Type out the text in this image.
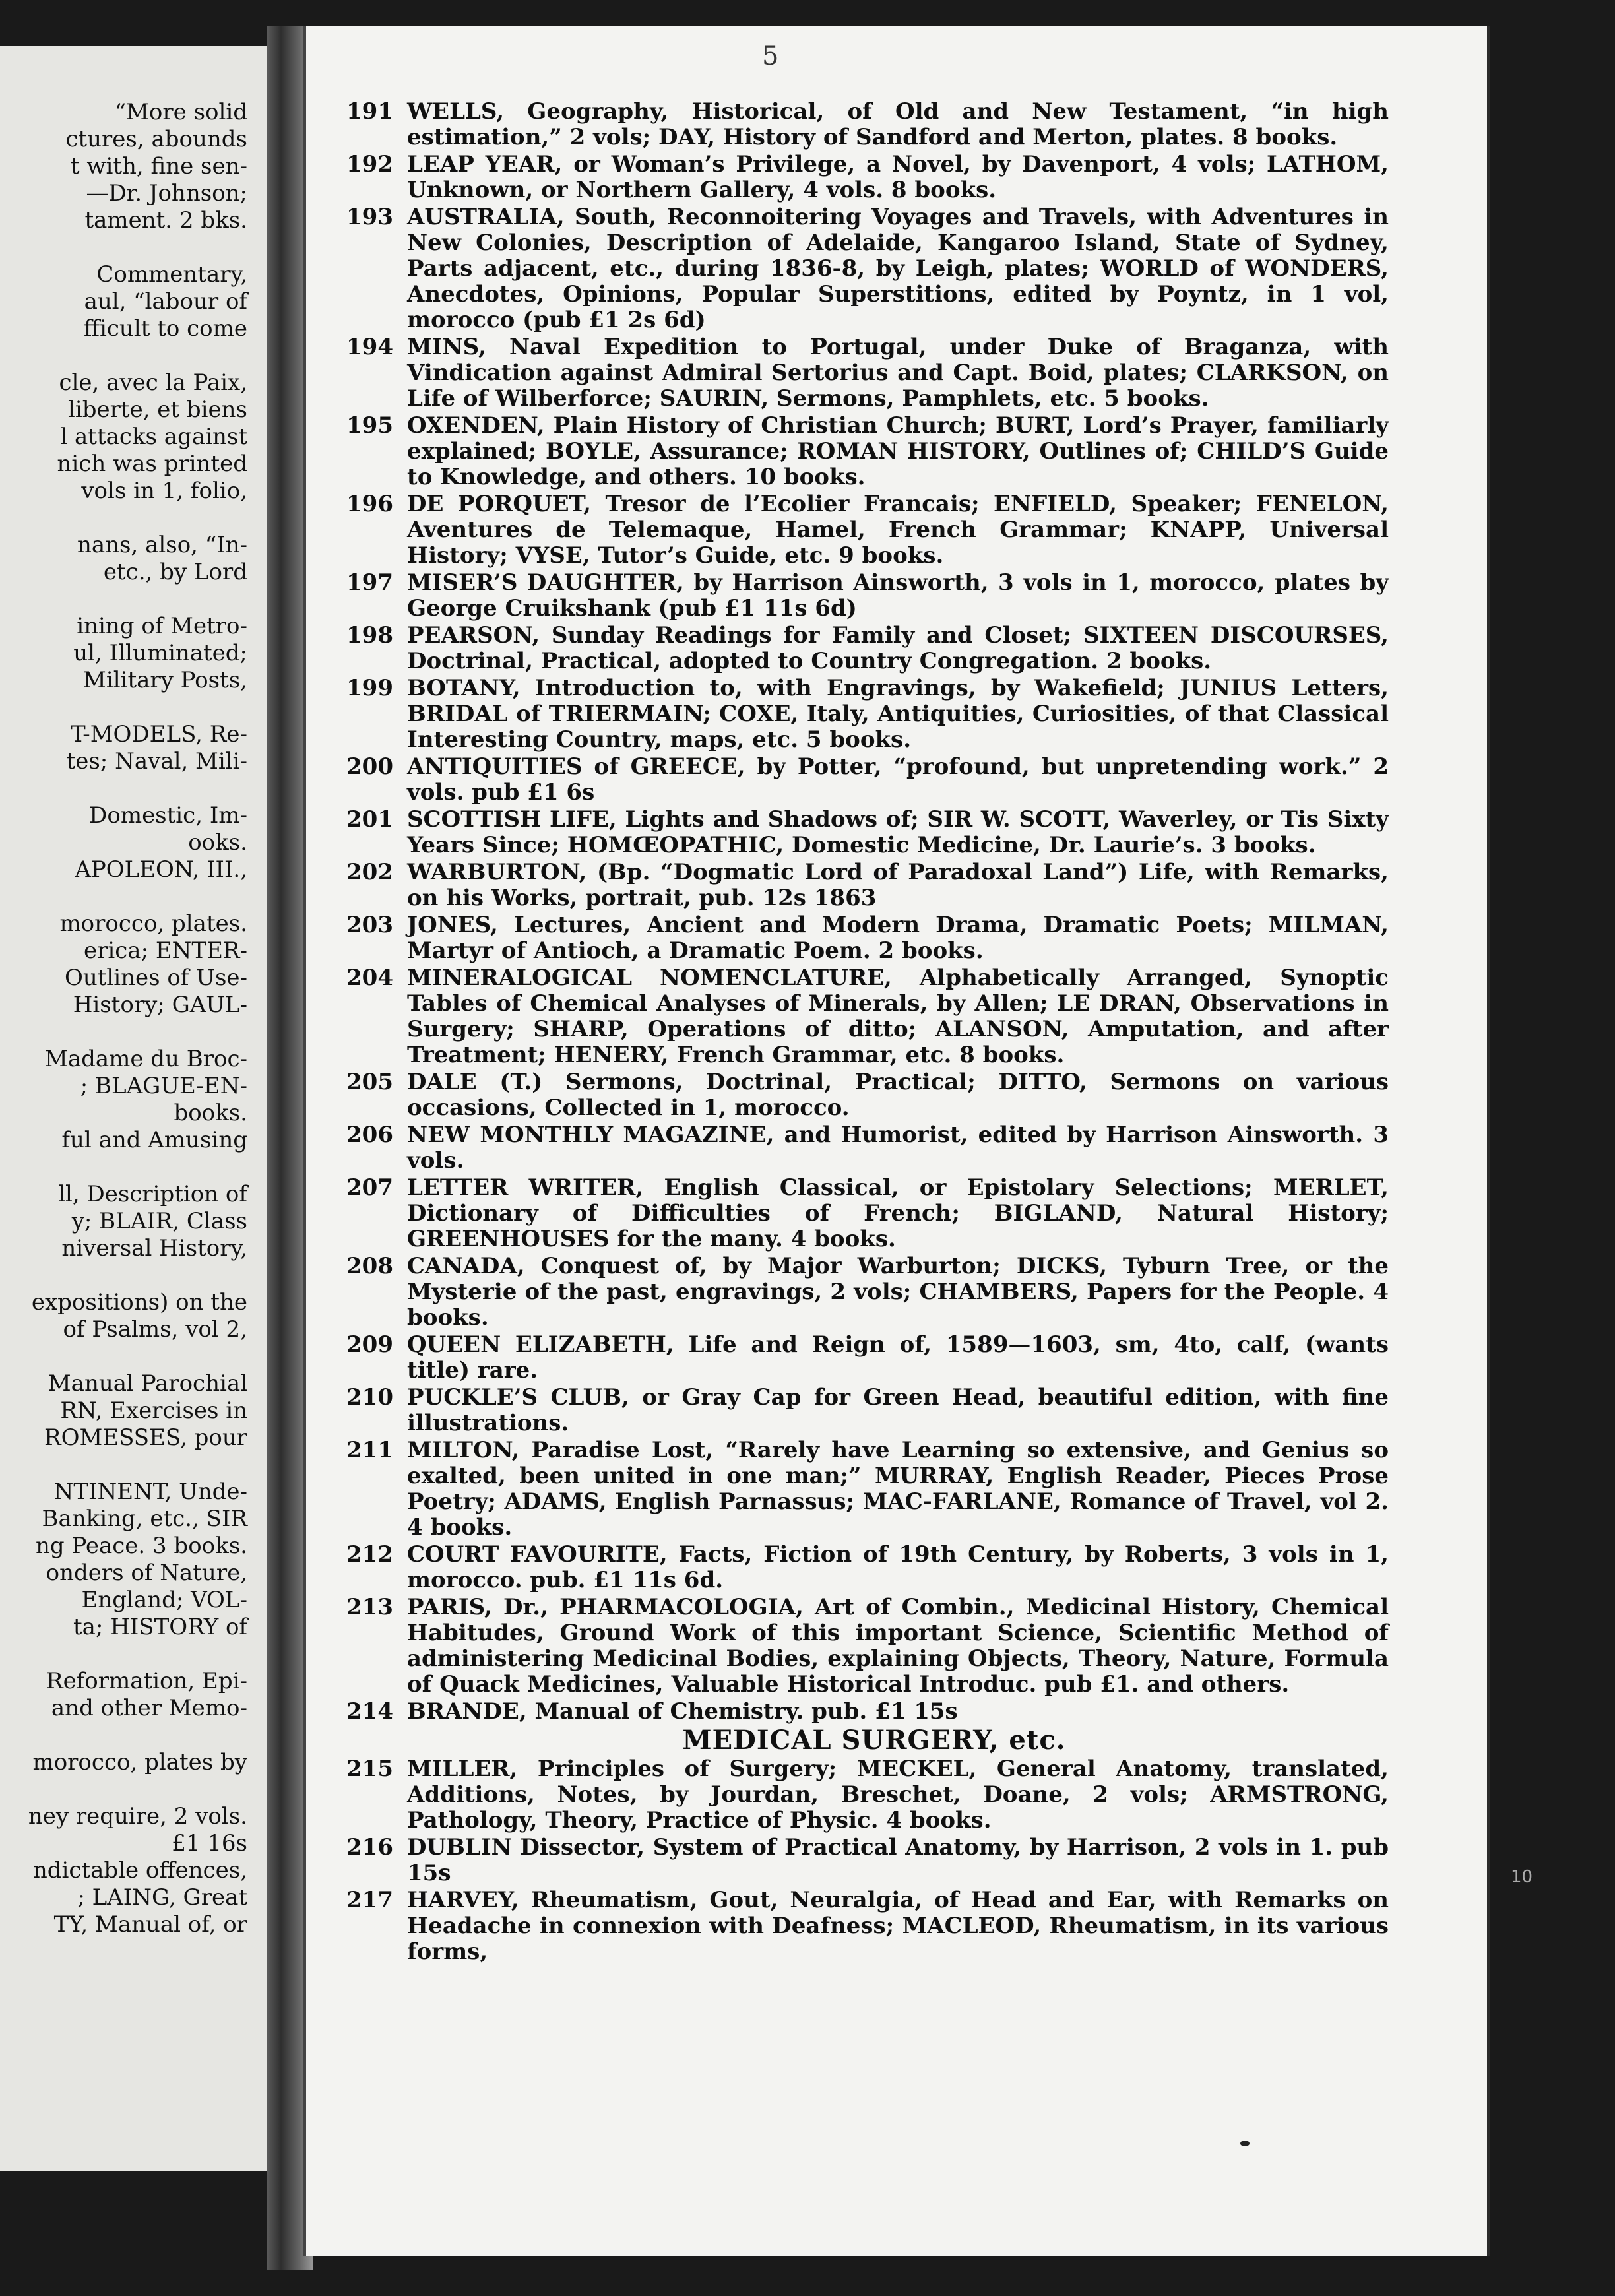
“More solid
ctures, abounds
t with, fine sen-
—Dr. Johnson;
tament. 2 bks.
Commentary,
aul, “labour of
fficult to come
cle, avec la Paix,
liberte, et biens
l attacks against
nich was printed
vols in 1, folio,
nans, also, “In-
etc., by Lord
ining of Metro-
ul, Illuminated;
Military Posts,
T-MODELS, Re-
tes; Naval, Mili-
Domestic, Im-
ooks.
APOLEON, III.,
morocco, plates.
erica; ENTER-
Outlines of Use-
History; GAUL-
Madame du Broc-
; BLAGUE-EN-
books.
ful and Amusing
ll, Description of
y; BLAIR, Class
niversal History,
expositions) on the
of Psalms, vol 2,
Manual Parochial
RN, Exercises in
ROMESSES, pour
NTINENT, Unde-
Banking, etc., SIR
ng Peace. 3 books.
onders of Nature,
England; VOL-
ta; HISTORY of
Reformation, Epi-
and other Memo-
morocco, plates by
ney require, 2 vols.
£1 16s
ndictable offences,
; LAING, Great
TY, Manual of, or
5
191 WELLS, Geography, Historical, of Old and New Testament, “in high estimation,” 2 vols; DAY, History of Sandford and Merton, plates. 8 books.
192 LEAP YEAR, or Woman’s Privilege, a Novel, by Davenport, 4 vols; LATHOM, Unknown, or Northern Gallery, 4 vols. 8 books.
193 AUSTRALIA, South, Reconnoitering Voyages and Travels, with Adventures in New Colonies, Description of Adelaide, Kangaroo Island, State of Sydney, Parts adjacent, etc., during 1836-8, by Leigh, plates; WORLD of WONDERS, Anecdotes, Opinions, Popular Superstitions, edited by Poyntz, in 1 vol, morocco (pub £1 2s 6d)
194 MINS, Naval Expedition to Portugal, under Duke of Braganza, with Vindication against Admiral Sertorius and Capt. Boid, plates; CLARKSON, on Life of Wilberforce; SAURIN, Sermons, Pamphlets, etc. 5 books.
195 OXENDEN, Plain History of Christian Church; BURT, Lord’s Prayer, familiarly explained; BOYLE, Assurance; ROMAN HISTORY, Outlines of; CHILD’S Guide to Knowledge, and others. 10 books.
196 DE PORQUET, Tresor de l’Ecolier Francais; ENFIELD, Speaker; FENELON, Aventures de Telemaque, Hamel, French Grammar; KNAPP, Universal History; VYSE, Tutor’s Guide, etc. 9 books.
197 MISER’S DAUGHTER, by Harrison Ainsworth, 3 vols in 1, morocco, plates by George Cruikshank (pub £1 11s 6d)
198 PEARSON, Sunday Readings for Family and Closet; SIXTEEN DISCOURSES, Doctrinal, Practical, adopted to Country Congregation. 2 books.
199 BOTANY, Introduction to, with Engravings, by Wakefield; JUNIUS Letters, BRIDAL of TRIERMAIN; COXE, Italy, Antiquities, Curiosities, of that Classical Interesting Country, maps, etc. 5 books.
200 ANTIQUITIES of GREECE, by Potter, “profound, but unpretending work.” 2 vols. pub £1 6s
201 SCOTTISH LIFE, Lights and Shadows of; SIR W. SCOTT, Waverley, or Tis Sixty Years Since; HOMŒOPATHIC, Domestic Medicine, Dr. Laurie’s. 3 books.
202 WARBURTON, (Bp. “Dogmatic Lord of Paradoxal Land”) Life, with Remarks, on his Works, portrait, pub. 12s 1863
203 JONES, Lectures, Ancient and Modern Drama, Dramatic Poets; MILMAN, Martyr of Antioch, a Dramatic Poem. 2 books.
204 MINERALOGICAL NOMENCLATURE, Alphabetically Arranged, Synoptic Tables of Chemical Analyses of Minerals, by Allen; LE DRAN, Observations in Surgery; SHARP, Operations of ditto; ALANSON, Amputation, and after Treatment; HENERY, French Grammar, etc. 8 books.
205 DALE (T.) Sermons, Doctrinal, Practical; DITTO, Sermons on various occasions, Collected in 1, morocco.
206 NEW MONTHLY MAGAZINE, and Humorist, edited by Harrison Ainsworth. 3 vols.
207 LETTER WRITER, English Classical, or Epistolary Selections; MERLET, Dictionary of Difficulties of French; BIGLAND, Natural History; GREENHOUSES for the many. 4 books.
208 CANADA, Conquest of, by Major Warburton; DICKS, Tyburn Tree, or the Mysterie of the past, engravings, 2 vols; CHAMBERS, Papers for the People. 4 books.
209 QUEEN ELIZABETH, Life and Reign of, 1589—1603, sm, 4to, calf, (wants title) rare.
210 PUCKLE’S CLUB, or Gray Cap for Green Head, beautiful edition, with fine illustrations.
211 MILTON, Paradise Lost, “Rarely have Learning so extensive, and Genius so exalted, been united in one man;” MURRAY, English Reader, Pieces Prose Poetry; ADAMS, English Parnassus; MAC-FARLANE, Romance of Travel, vol 2. 4 books.
212 COURT FAVOURITE, Facts, Fiction of 19th Century, by Roberts, 3 vols in 1, morocco. pub. £1 11s 6d.
213 PARIS, Dr., PHARMACOLOGIA, Art of Combin., Medicinal History, Chemical Habitudes, Ground Work of this important Science, Scientific Method of administering Medicinal Bodies, explaining Objects, Theory, Nature, Formula of Quack Medicines, Valuable Historical Introduc. pub £1. and others.
214 BRANDE, Manual of Chemistry. pub. £1 15s
MEDICAL SURGERY, etc.
215 MILLER, Principles of Surgery; MECKEL, General Anatomy, translated, Additions, Notes, by Jourdan, Breschet, Doane, 2 vols; ARMSTRONG, Pathology, Theory, Practice of Physic. 4 books.
216 DUBLIN Dissector, System of Practical Anatomy, by Harrison, 2 vols in 1. pub 15s
217 HARVEY, Rheumatism, Gout, Neuralgia, of Head and Ear, with Remarks on Headache in connexion with Deafness; MACLEOD, Rheumatism, in its various forms,
10
